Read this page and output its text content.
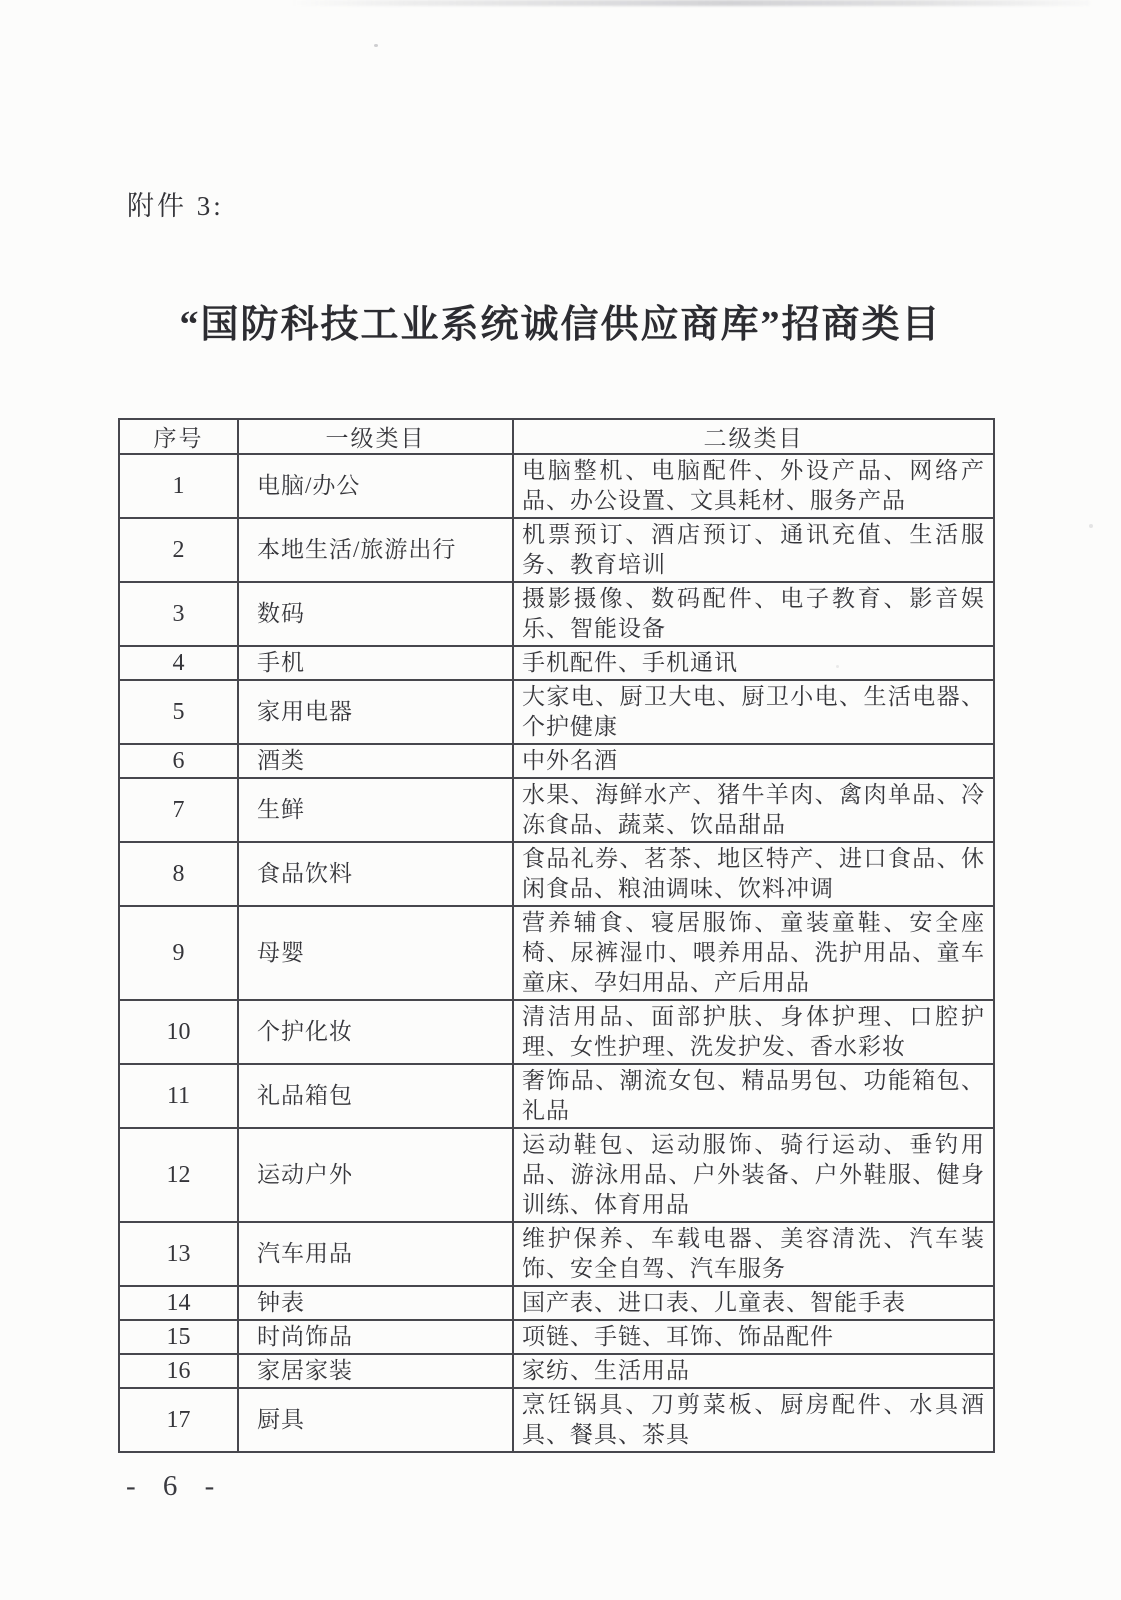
附件 3:
“国防科技工业系统诚信供应商库”招商类目
序号	一级类目	二级类目
1	电脑/办公	电脑整机、电脑配件、外设产品、网络产品、办公设置、文具耗材、服务产品
2	本地生活/旅游出行	机票预订、酒店预订、通讯充值、生活服务、教育培训
3	数码	摄影摄像、数码配件、电子教育、影音娱乐、智能设备
4	手机	手机配件、手机通讯
5	家用电器	大家电、厨卫大电、厨卫小电、生活电器、个护健康
6	酒类	中外名酒
7	生鲜	水果、海鲜水产、猪牛羊肉、禽肉单品、冷冻食品、蔬菜、饮品甜品
8	食品饮料	食品礼券、茗茶、地区特产、进口食品、休闲食品、粮油调味、饮料冲调
9	母婴	营养辅食、寝居服饰、童装童鞋、安全座椅、尿裤湿巾、喂养用品、洗护用品、童车童床、孕妇用品、产后用品
10	个护化妆	清洁用品、面部护肤、身体护理、口腔护理、女性护理、洗发护发、香水彩妆
11	礼品箱包	奢饰品、潮流女包、精品男包、功能箱包、礼品
12	运动户外	运动鞋包、运动服饰、骑行运动、垂钓用品、游泳用品、户外装备、户外鞋服、健身训练、体育用品
13	汽车用品	维护保养、车载电器、美容清洗、汽车装饰、安全自驾、汽车服务
14	钟表	国产表、进口表、儿童表、智能手表
15	时尚饰品	项链、手链、耳饰、饰品配件
16	家居家装	家纺、生活用品
17	厨具	烹饪锅具、刀剪菜板、厨房配件、水具酒具、餐具、茶具
- 6 -
